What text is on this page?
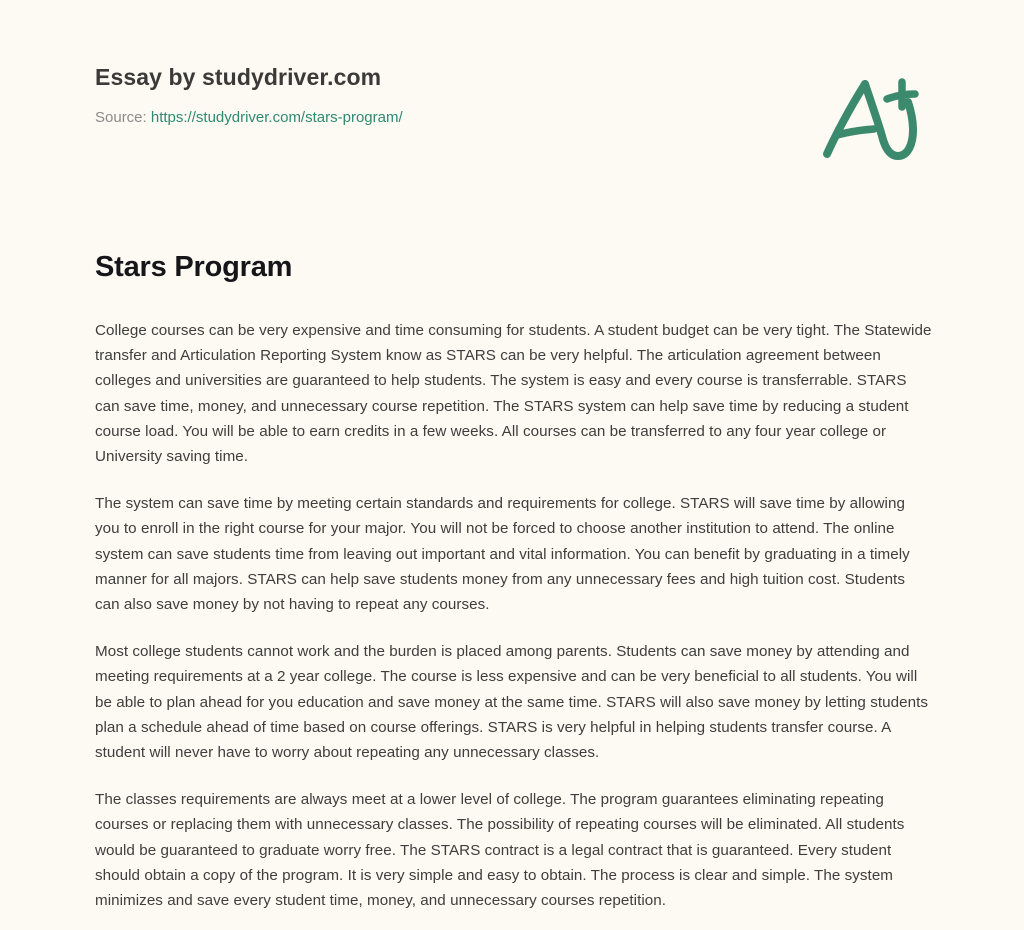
Essay by studydriver.com
Source: https://studydriver.com/stars-program/
Stars Program

College courses can be very expensive and time consuming for students. A student budget can be very tight. The Statewide transfer and Articulation Reporting System know as STARS can be very helpful. The articulation agreement between colleges and universities are guaranteed to help students. The system is easy and every course is transferrable. STARS can save time, money, and unnecessary course repetition. The STARS system can help save time by reducing a student course load. You will be able to earn credits in a few weeks. All courses can be transferred to any four year college or University saving time.

The system can save time by meeting certain standards and requirements for college. STARS will save time by allowing you to enroll in the right course for your major. You will not be forced to choose another institution to attend. The online system can save students time from leaving out important and vital information. You can benefit by graduating in a timely manner for all majors. STARS can help save students money from any unnecessary fees and high tuition cost. Students can also save money by not having to repeat any courses.

Most college students cannot work and the burden is placed among parents. Students can save money by attending and meeting requirements at a 2 year college. The course is less expensive and can be very beneficial to all students. You will be able to plan ahead for you education and save money at the same time. STARS will also save money by letting students plan a schedule ahead of time based on course offerings. STARS is very helpful in helping students transfer course. A student will never have to worry about repeating any unnecessary classes.

The classes requirements are always meet at a lower level of college. The program guarantees eliminating repeating courses or replacing them with unnecessary classes. The possibility of repeating courses will be eliminated. All students would be guaranteed to graduate worry free. The STARS contract is a legal contract that is guaranteed. Every student should obtain a copy of the program. It is very simple and easy to obtain. The process is clear and simple. The system minimizes and save every student time, money, and unnecessary courses repetition.
